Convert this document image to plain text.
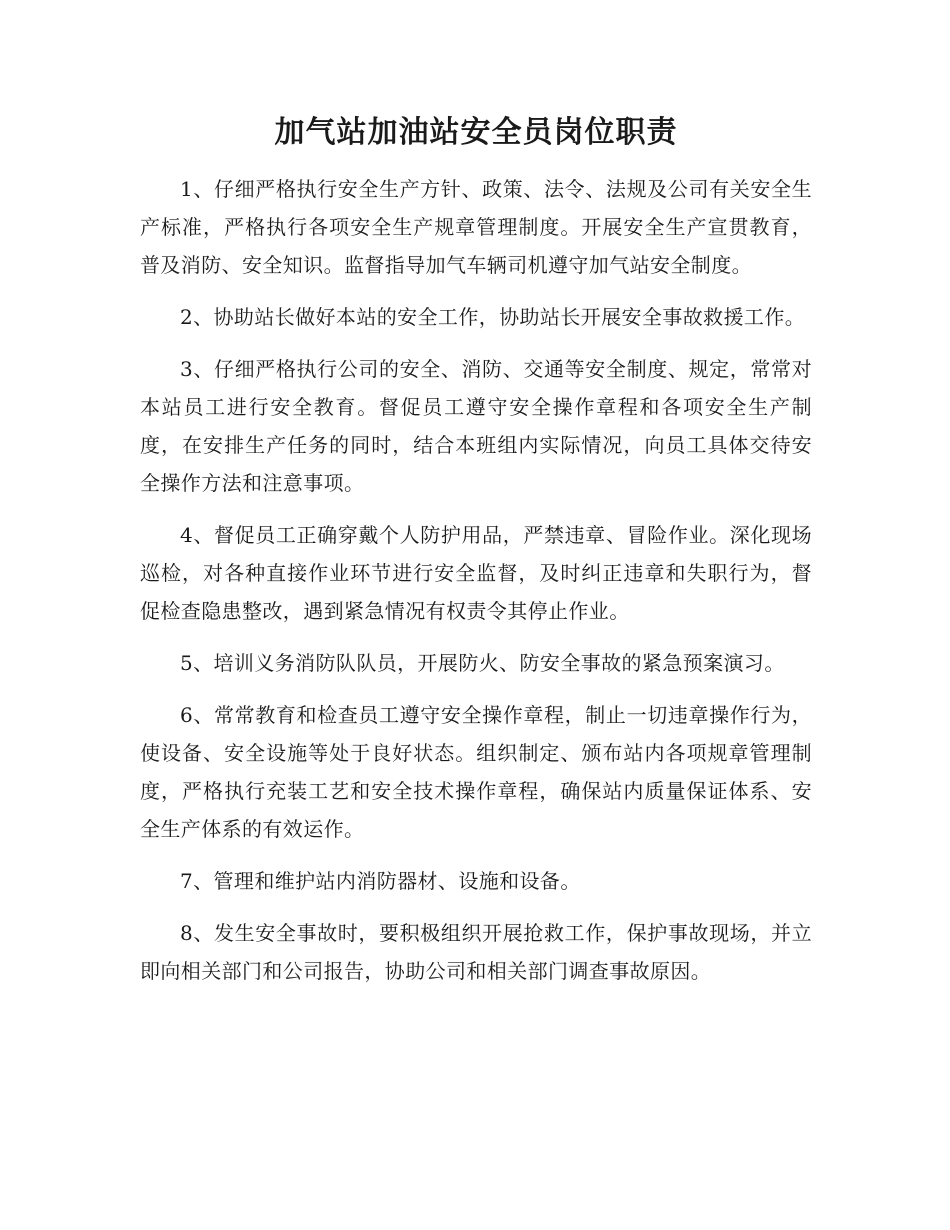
加气站加油站安全员岗位职责

1、仔细严格执行安全生产方针、政策、法令、法规及公司有关安全生产标准，严格执行各项安全生产规章管理制度。开展安全生产宣贯教育，普及消防、安全知识。监督指导加气车辆司机遵守加气站安全制度。

2、协助站长做好本站的安全工作，协助站长开展安全事故救援工作。

3、仔细严格执行公司的安全、消防、交通等安全制度、规定，常常对本站员工进行安全教育。督促员工遵守安全操作章程和各项安全生产制度，在安排生产任务的同时，结合本班组内实际情况，向员工具体交待安全操作方法和注意事项。

4、督促员工正确穿戴个人防护用品，严禁违章、冒险作业。深化现场巡检，对各种直接作业环节进行安全监督，及时纠正违章和失职行为，督促检查隐患整改，遇到紧急情况有权责令其停止作业。

5、培训义务消防队队员，开展防火、防安全事故的紧急预案演习。

6、常常教育和检查员工遵守安全操作章程，制止一切违章操作行为，使设备、安全设施等处于良好状态。组织制定、颁布站内各项规章管理制度，严格执行充装工艺和安全技术操作章程，确保站内质量保证体系、安全生产体系的有效运作。

7、管理和维护站内消防器材、设施和设备。

8、发生安全事故时，要积极组织开展抢救工作，保护事故现场，并立即向相关部门和公司报告，协助公司和相关部门调查事故原因。
